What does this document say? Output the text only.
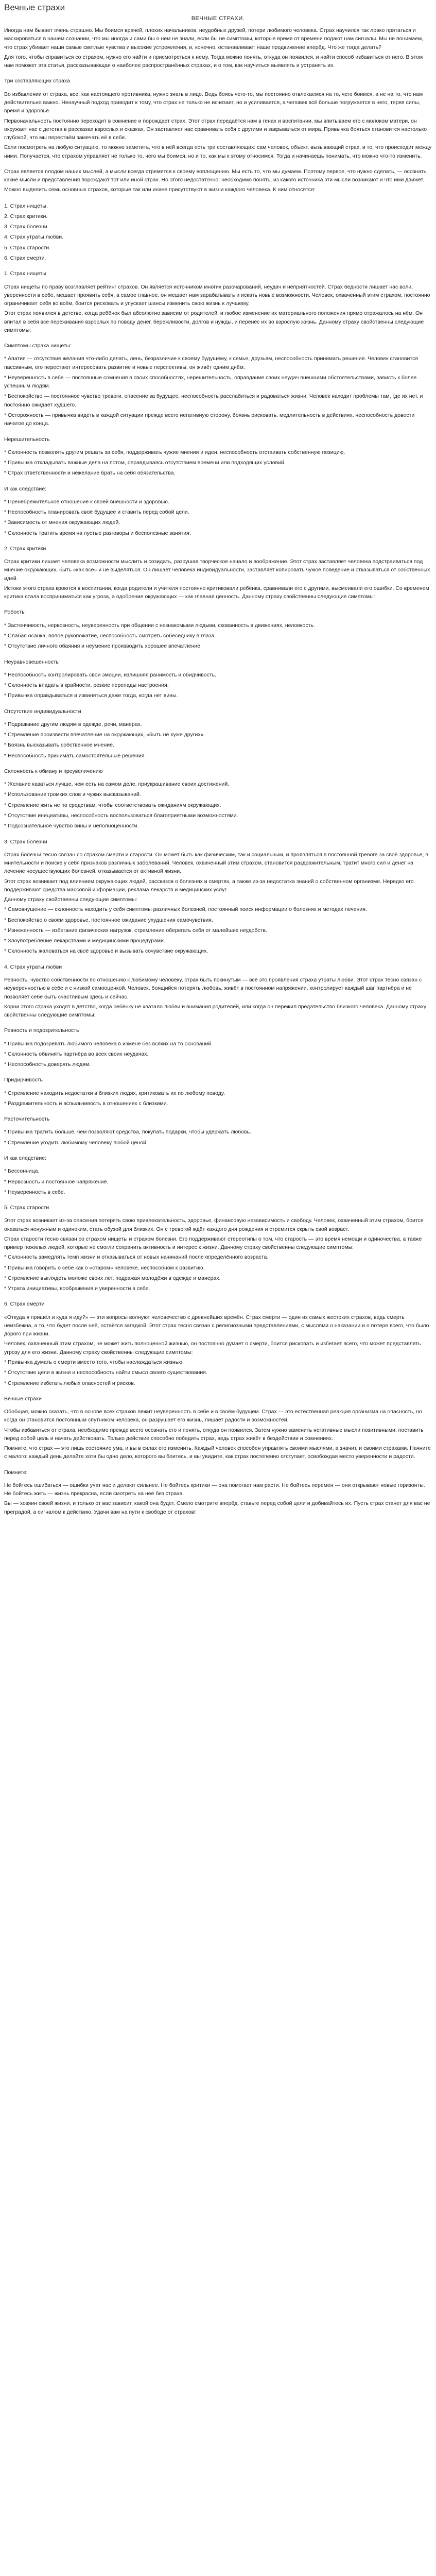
Вечные страхи
ВЕЧНЫЕ СТРАХИ.

Иногда нам бывает очень страшно. Мы боимся врачей, плохих начальников, неудобных друзей, потери любимого человека. Страх научился так ловко прятаться и маскироваться в нашем сознании, что мы иногда и сами бы о нём не знали, если бы не симптомы, которые время от времени подают нам сигналы. Мы не понимаем, что страх убивает наши самые светлые чувства и высокие устремления, и, конечно, останавливает наше продвижение вперёд. Что же тогда делать?

Для того, чтобы справиться со страхом, нужно его найти и присмотреться к нему. Тогда можно понять, откуда он появился, и найти способ избавиться от него. В этом нам поможет эта статья, рассказывающая о наиболее распространённых страхах, и о том, как научиться выявлять и устранять их.

Три составляющих страха

Во избавлении от страха, все, как настоящего противника, нужно знать в лицо. Ведь боясь чего-то, мы постоянно отвлекаемся на то, чего боимся, а не на то, что нам действительно важно. Ненаучный подход приводит к тому, что страх не только не исчезает, но и усиливается, а человек всё больше погружается в него, теряя силы, время и здоровье.

Первоначальность постоянно переходит в сомнение и порождает страх. Этот страх передаётся нам в генах и воспитании, мы впитываем его с молоком матери, он окружает нас с детства в рассказах взрослых и сказках. Он заставляет нас сравнивать себя с другими и закрываться от мира. Привычка бояться становится настолько глубокой, что мы перестаём замечать её в себе.

Если посмотреть на любую ситуацию, то можно заметить, что в ней всегда есть три составляющих: сам человек, объект, вызывающий страх, и то, что происходит между ними. Получается, что страхом управляет не только то, чего мы боимся, но и то, как мы к этому относимся. Тогда и начинаешь понимать, что можно что-то изменить.

Страх является плодом наших мыслей, а мысли всегда стремятся к своему воплощению. Мы есть то, что мы думаем. Поэтому первое, что нужно сделать, — осознать, какие мысли и представления порождают тот или иной страх. Но этого недостаточно: необходимо понять, из какого источника эти мысли возникают и что ими движет.

Можно выделить семь основных страхов, которые так или иначе присутствуют в жизни каждого человека. К ним относятся:

1. Страх нищеты.
2. Страх критики.
3. Страх болезни.
4. Страх утраты любви.
5. Страх старости.
6. Страх смерти.
1. Страх нищеты

Страх нищеты по праву возглавляет рейтинг страхов. Он является источником многих разочарований, неудач и неприятностей. Страх бедности лишает нас воли, уверенности в себе, мешает проявить себя, а самое главное, он мешает нам зарабатывать и искать новые возможности. Человек, охваченный этим страхом, постоянно ограничивает себя во всём, боится рисковать и упускает шансы изменить свою жизнь к лучшему.

Этот страх появился в детстве, когда ребёнок был абсолютно зависим от родителей, и любое изменение их материального положения прямо отражалось на нём. Он впитал в себя все переживания взрослых по поводу денег, бережливости, долгов и нужды, и перенёс их во взрослую жизнь. Данному страху свойственны следующие симптомы:

Симптомы страха нищеты:
* Апатия — отсутствие желания что-либо делать, лень, безразличие к своему будущему, к семье, друзьям, неспособность принимать решения. Человек становится пассивным, его перестают интересовать развитие и новые перспективы, он живёт одним днём.
* Неуверенность в себе — постоянные сомнения в своих способностях, нерешительность, оправдание своих неудач внешними обстоятельствами, зависть к более успешным людям.
* Беспокойство — постоянное чувство тревоги, опасение за будущее, неспособность расслабиться и радоваться жизни. Человек находит проблемы там, где их нет, и постоянно ожидает худшего.
* Осторожность — привычка видеть в каждой ситуации прежде всего негативную сторону, боязнь рисковать, медлительность в действиях, неспособность довести начатое до конца.
Нерешительность
* Склонность позволять другим решать за себя, поддерживать чужие мнения и идеи, неспособность отстаивать собственную позицию.
* Привычка откладывать важные дела на потом, оправдываясь отсутствием времени или подходящих условий.
* Страх ответственности и нежелание брать на себя обязательства.
И как следствие:
* Пренебрежительное отношение к своей внешности и здоровью.
* Неспособность планировать своё будущее и ставить перед собой цели.
* Зависимость от мнения окружающих людей.
* Склонность тратить время на пустые разговоры и бесполезные занятия.
2. Страх критики

Страх критики лишает человека возможности мыслить и созидать, разрушая творческое начало и воображение. Этот страх заставляет человека подстраиваться под мнение окружающих, быть «как все» и не выделяться. Он лишает человека индивидуальности, заставляет копировать чужое поведение и отказываться от собственных идей.

Истоки этого страха кроются в воспитании, когда родители и учителя постоянно критиковали ребёнка, сравнивали его с другими, высмеивали его ошибки. Со временем критика стала восприниматься как угроза, а одобрение окружающих — как главная ценность. Данному страху свойственны следующие симптомы:

Робость
* Застенчивость, нервозность, неуверенность при общении с незнакомыми людьми, скованность в движениях, неловкость.
* Слабая осанка, вялое рукопожатие, неспособность смотреть собеседнику в глаза.
* Отсутствие личного обаяния и неумение производить хорошее впечатление.
Неуравновешенность
* Неспособность контролировать свои эмоции, излишняя ранимость и обидчивость.
* Склонность впадать в крайности, резкие перепады настроения.
* Привычка оправдываться и извиняться даже тогда, когда нет вины.
Отсутствие индивидуальности
* Подражание другим людям в одежде, речи, манерах.
* Стремление произвести впечатление на окружающих, «быть не хуже других».
* Боязнь высказывать собственное мнение.
* Неспособность принимать самостоятельные решения.
Склонность к обману и преувеличению
* Желание казаться лучше, чем есть на самом деле, приукрашивание своих достижений.
* Использование громких слов и чужих высказываний.
* Стремление жить не по средствам, чтобы соответствовать ожиданиям окружающих.
* Отсутствие инициативы, неспособность воспользоваться благоприятными возможностями.
* Подсознательное чувство вины и неполноценности.
3. Страх болезни

Страх болезни тесно связан со страхом смерти и старости. Он может быть как физическим, так и социальным, и проявляться в постоянной тревоге за своё здоровье, в мнительности и поиске у себя признаков различных заболеваний. Человек, охваченный этим страхом, становится раздражительным, тратит много сил и денег на лечение несуществующих болезней, отказывается от активной жизни.

Этот страх возникает под влиянием окружающих людей, рассказов о болезнях и смертях, а также из-за недостатка знаний о собственном организме. Нередко его поддерживают средства массовой информации, реклама лекарств и медицинских услуг.

Данному страху свойственны следующие симптомы:

* Самовнушение — склонность находить у себя симптомы различных болезней, постоянный поиск информации о болезнях и методах лечения.
* Беспокойство о своём здоровье, постоянное ожидание ухудшения самочувствия.
* Изнеженность — избегание физических нагрузок, стремление оберегать себя от малейших неудобств.
* Злоупотребление лекарствами и медицинскими процедурами.
* Склонность жаловаться на своё здоровье и вызывать сочувствие окружающих.
4. Страх утраты любви

Ревность, чувство собственности по отношению к любимому человеку, страх быть покинутым — всё это проявления страха утраты любви. Этот страх тесно связан с неуверенностью в себе и с низкой самооценкой. Человек, боящийся потерять любовь, живёт в постоянном напряжении, контролирует каждый шаг партнёра и не позволяет себе быть счастливым здесь и сейчас.

Корни этого страха уходят в детство, когда ребёнку не хватало любви и внимания родителей, или когда он пережил предательство близкого человека. Данному страху свойственны следующие симптомы:

Ревность и подозрительность
* Привычка подозревать любимого человека в измене без всяких на то оснований.
* Склонность обвинять партнёра во всех своих неудачах.
* Неспособность доверять людям.
Придирчивость
* Стремление находить недостатки в близких людях, критиковать их по любому поводу.
* Раздражительность и вспыльчивость в отношениях с близкими.
Расточительность
* Привычка тратить больше, чем позволяют средства, покупать подарки, чтобы удержать любовь.
* Стремление угодить любимому человеку любой ценой.
И как следствие:
* Бессонница.
* Нервозность и постоянное напряжение.
* Неуверенность в себе.
5. Страх старости

Этот страх возникает из-за опасения потерять свою привлекательность, здоровье, финансовую независимость и свободу. Человек, охваченный этим страхом, боится оказаться ненужным и одиноким, стать обузой для близких. Он с тревогой ждёт каждого дня рождения и стремится скрыть свой возраст.

Страх старости тесно связан со страхом нищеты и страхом болезни. Его поддерживают стереотипы о том, что старость — это время немощи и одиночества, а также пример пожилых людей, которые не смогли сохранить активность и интерес к жизни. Данному страху свойственны следующие симптомы:

* Склонность замедлять темп жизни и отказываться от новых начинаний после определённого возраста.
* Привычка говорить о себе как о «старом» человеке, неспособном к развитию.
* Стремление выглядеть моложе своих лет, подражая молодёжи в одежде и манерах.
* Утрата инициативы, воображения и уверенности в себе.
6. Страх смерти

«Откуда я пришёл и куда я иду?» — эти вопросы волнуют человечество с древнейших времён. Страх смерти — один из самых жестоких страхов, ведь смерть неизбежна, а то, что будет после неё, остаётся загадкой. Этот страх тесно связан с религиозными представлениями, с мыслями о наказании и о потере всего, что было дорого при жизни.

Человек, охваченный этим страхом, не может жить полноценной жизнью, он постоянно думает о смерти, боится рисковать и избегает всего, что может представлять угрозу для его жизни. Данному страху свойственны следующие симптомы:

* Привычка думать о смерти вместо того, чтобы наслаждаться жизнью.
* Отсутствие цели в жизни и неспособность найти смысл своего существования.
* Стремление избегать любых опасностей и рисков.
Вечные страхи

Обобщая, можно сказать, что в основе всех страхов лежит неуверенность в себе и в своём будущем. Страх — это естественная реакция организма на опасность, но когда он становится постоянным спутником человека, он разрушает его жизнь, лишает радости и возможностей.

Чтобы избавиться от страха, необходимо прежде всего осознать его и понять, откуда он появился. Затем нужно заменить негативные мысли позитивными, поставить перед собой цель и начать действовать. Только действие способно победить страх, ведь страх живёт в бездействии и сомнениях.

Помните, что страх — это лишь состояние ума, и вы в силах его изменить. Каждый человек способен управлять своими мыслями, а значит, и своими страхами. Начните с малого: каждый день делайте хотя бы одно дело, которого вы боитесь, и вы увидите, как страх постепенно отступает, освобождая место уверенности и радости.

Помните:

Не бойтесь ошибаться — ошибки учат нас и делают сильнее. Не бойтесь критики — она помогает нам расти. Не бойтесь перемен — они открывают новые горизонты. Не бойтесь жить — жизнь прекрасна, если смотреть на неё без страха.

Вы — хозяин своей жизни, и только от вас зависит, какой она будет. Смело смотрите вперёд, ставьте перед собой цели и добивайтесь их. Пусть страх станет для вас не преградой, а сигналом к действию. Удачи вам на пути к свободе от страхов!
